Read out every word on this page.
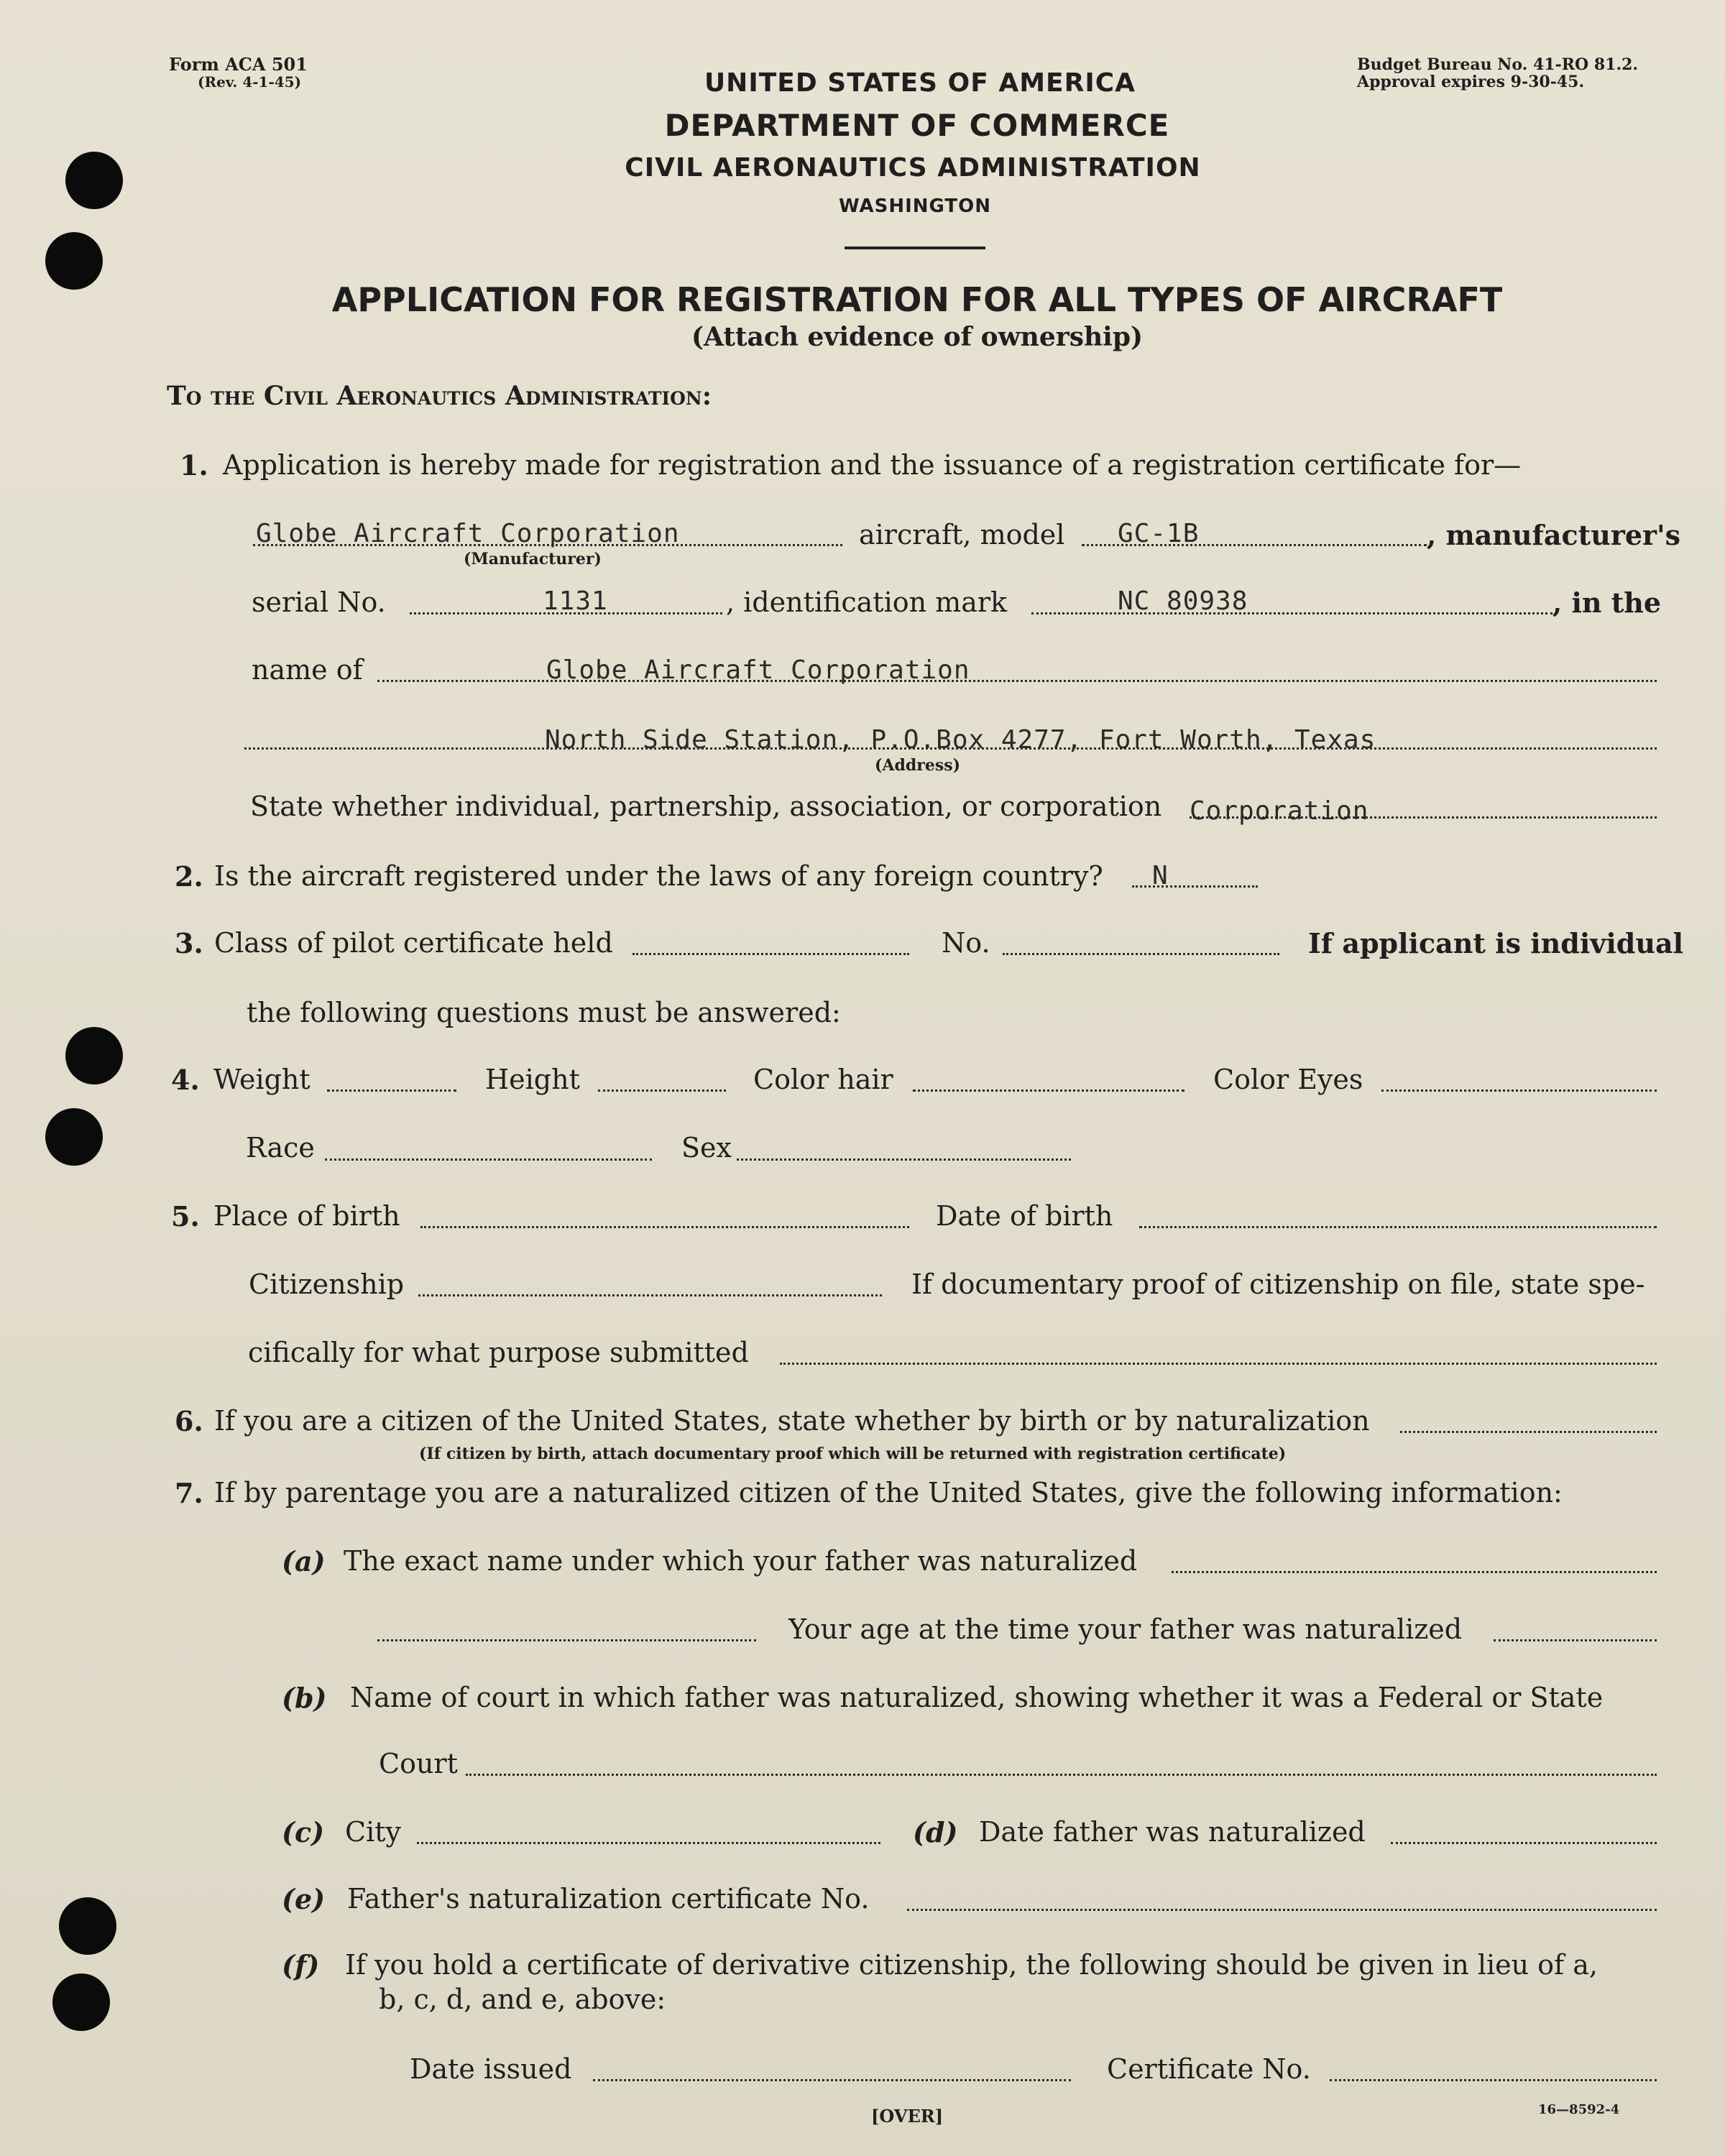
Form ACA 501
(Rev. 4-1-45)
Budget Bureau No. 41-RO 81.2.
Approval expires 9-30-45.
UNITED STATES OF AMERICA
DEPARTMENT OF COMMERCE
CIVIL AERONAUTICS ADMINISTRATION
WASHINGTON
APPLICATION FOR REGISTRATION FOR ALL TYPES OF AIRCRAFT
(Attach evidence of ownership)
To the Civil Aeronautics Administration:
1. Application is hereby made for registration and the issuance of a registration certificate for—
Globe Aircraft Corporation
(Manufacturer)
aircraft, model GC-1B	, manufacturer's
serial No.	1131	, identification mark	NC 80938	, in the
name of	Globe Aircraft Corporation
North Side Station, P.O.Box 4277, Fort Worth, Texas
(Address)
State whether individual, partnership, association, or corporation Corporation
2. Is the aircraft registered under the laws of any foreign country? N
3. Class of pilot certificate held	No.	If applicant is individual
the following questions must be answered:
4. Weight	Height	Color hair	Color Eyes
Race	Sex
5. Place of birth	Date of birth
Citizenship	If documentary proof of citizenship on file, state spe-
cifically for what purpose submitted
6. If you are a citizen of the United States, state whether by birth or by naturalization
(If citizen by birth, attach documentary proof which will be returned with registration certificate)
7. If by parentage you are a naturalized citizen of the United States, give the following information:
(a) The exact name under which your father was naturalized
Your age at the time your father was naturalized
(b) Name of court in which father was naturalized, showing whether it was a Federal or State
Court
(c) City	(d) Date father was naturalized
(e) Father's naturalization certificate No.
(f) If you hold a certificate of derivative citizenship, the following should be given in lieu of a,
b, c, d, and e, above:
Date issued	Certificate No.
[OVER]	16—8592-4
